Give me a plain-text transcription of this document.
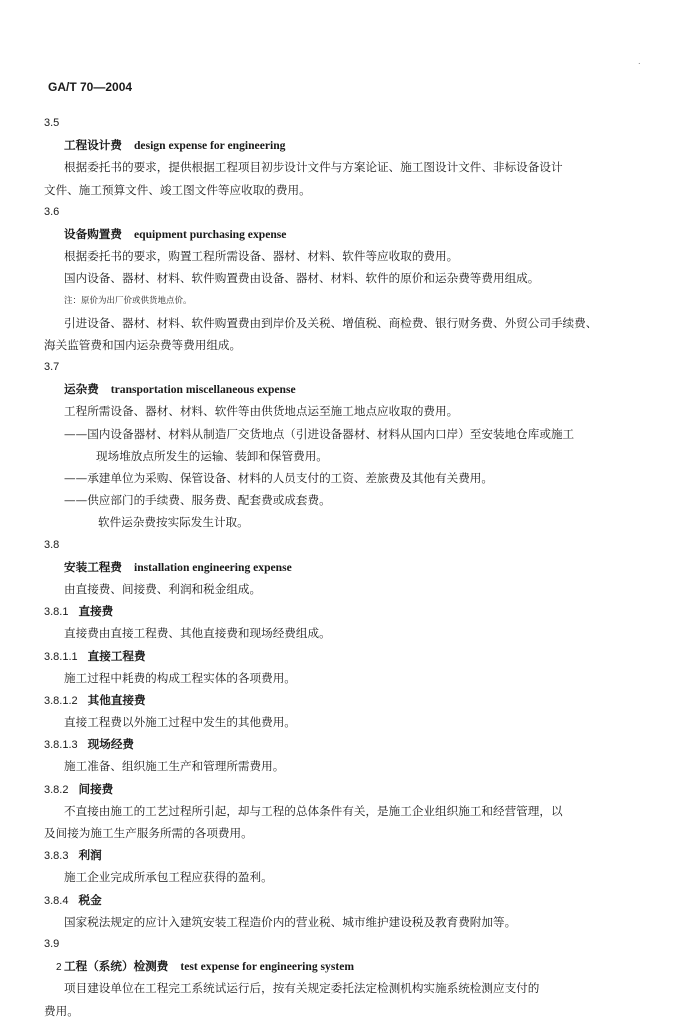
.
GA/T 70—2004
3.5
工程设计费 design expense for engineering
根据委托书的要求，提供根据工程项目初步设计文件与方案论证、施工图设计文件、非标设备设计
文件、施工预算文件、竣工图文件等应收取的费用。
3.6
设备购置费 equipment purchasing expense
根据委托书的要求，购置工程所需设备、器材、材料、软件等应收取的费用。
国内设备、器材、材料、软件购置费由设备、器材、材料、软件的原价和运杂费等费用组成。
注：原价为出厂价或供货地点价。
引进设备、器材、材料、软件购置费由到岸价及关税、增值税、商检费、银行财务费、外贸公司手续费、
海关监管费和国内运杂费等费用组成。
3.7
运杂费 transportation miscellaneous expense
工程所需设备、器材、材料、软件等由供货地点运至施工地点应收取的费用。
——国内设备器材、材料从制造厂交货地点（引进设备器材、材料从国内口岸）至安装地仓库或施工
现场堆放点所发生的运输、装卸和保管费用。
——承建单位为采购、保管设备、材料的人员支付的工资、差旅费及其他有关费用。
——供应部门的手续费、服务费、配套费或成套费。
软件运杂费按实际发生计取。
3.8
安装工程费 installation engineering expense
由直接费、间接费、利润和税金组成。
3.8.1 直接费
直接费由直接工程费、其他直接费和现场经费组成。
3.8.1.1 直接工程费
施工过程中耗费的构成工程实体的各项费用。
3.8.1.2 其他直接费
直接工程费以外施工过程中发生的其他费用。
3.8.1.3 现场经费
施工准备、组织施工生产和管理所需费用。
3.8.2 间接费
不直接由施工的工艺过程所引起，却与工程的总体条件有关，是施工企业组织施工和经营管理，以
及间接为施工生产服务所需的各项费用。
3.8.3 利润
施工企业完成所承包工程应获得的盈利。
3.8.4 税金
国家税法规定的应计入建筑安装工程造价内的营业税、城市维护建设税及教育费附加等。
3.9
工程（系统）检测费 test expense for engineering system
项目建设单位在工程完工系统试运行后，按有关规定委托法定检测机构实施系统检测应支付的
费用。
2
